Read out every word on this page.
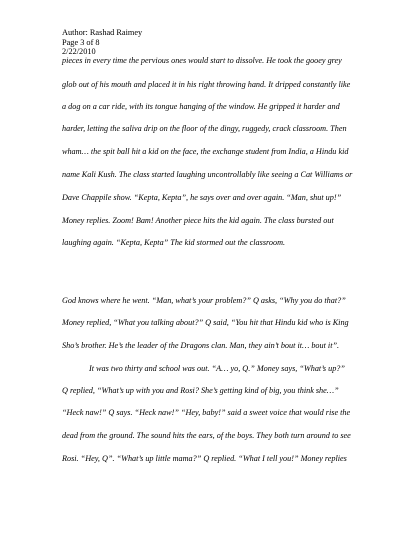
Author: Rashad Raimey
Page 3 of 8
2/22/2010
pieces in every time the pervious ones would start to dissolve. He took the gooey grey
glob out of his mouth and placed it in his right throwing hand. It dripped constantly like
a dog on a car ride, with its tongue hanging of the window. He gripped it harder and
harder, letting the saliva drip on the floor of the dingy, ruggedy, crack classroom. Then
wham… the spit ball hit a kid on the face, the exchange student from India, a Hindu kid
name Kali Kush. The class started laughing uncontrollably like seeing a Cat Williams or
Dave Chappile show. “Kepta, Kepta”, he says over and over again. “Man, shut up!”
Money replies. Zoom! Bam! Another piece hits the kid again. The class bursted out
laughing again. “Kepta, Kepta” The kid stormed out the classroom.
God knows where he went. “Man, what’s your problem?” Q asks, “Why you do that?”
Money replied, “What you talking about?” Q said, “You hit that Hindu kid who is King
Sho’s brother. He’s the leader of the Dragons clan. Man, they ain’t bout it… bout it”.
It was two thirty and school was out. “A… yo, Q.” Money says, “What’s up?”
Q replied, “What’s up with you and Rosi? She’s getting kind of big, you think she…”
“Heck naw!” Q says. “Heck naw!” “Hey, baby!” said a sweet voice that would rise the
dead from the ground. The sound hits the ears, of the boys. They both turn around to see
Rosi. “Hey, Q”. “What’s up little mama?” Q replied. “What I tell you!” Money replies
